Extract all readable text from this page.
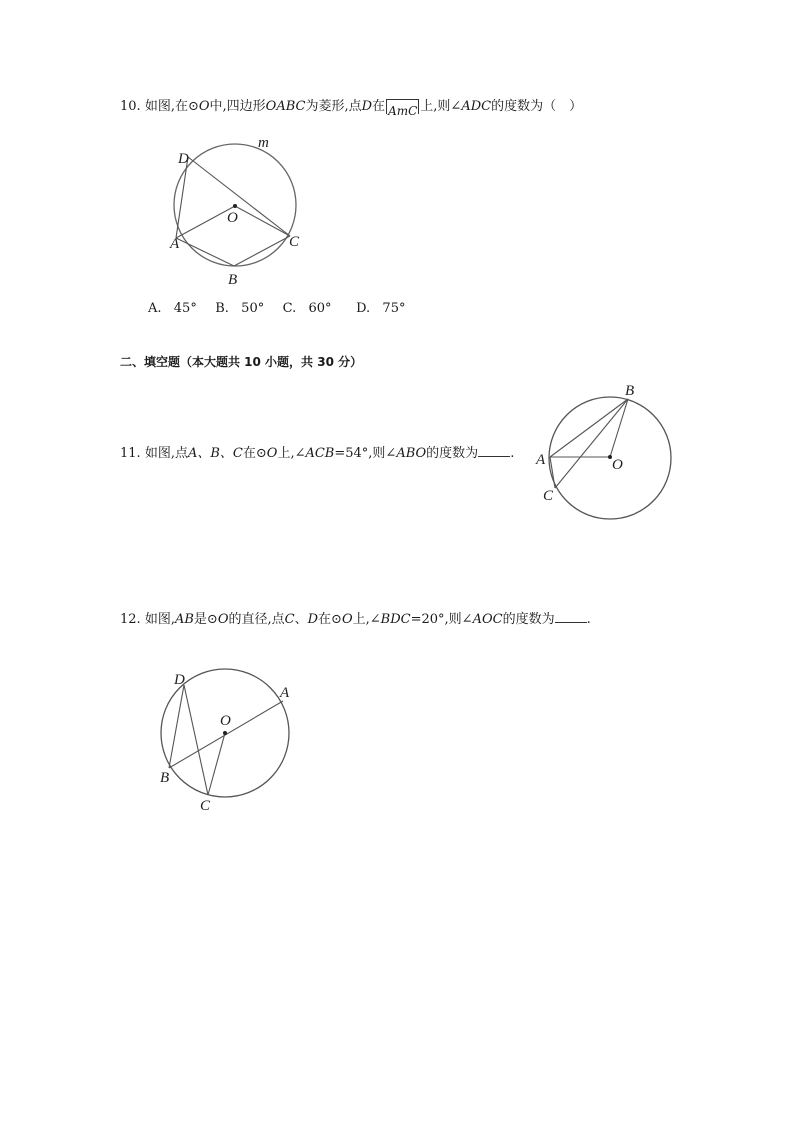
10. 如图,在⊙O中,四边形OABC为菱形,点D在 AmC 上,则∠ADC的度数为（　）
D
m
O
A	C
B
A.  45°   B.  50°   C.  60°    D.  75°
二、填空题（本大题共 10 小题，共 30 分）
11. 如图,点A、B、C在⊙O上,∠ACB=54°,则∠ABO的度数为 .
B
A	O
C
12. 如图,AB是⊙O的直径,点C、D在⊙O上,∠BDC=20°,则∠AOC的度数为 .
D
A
O
B
C
